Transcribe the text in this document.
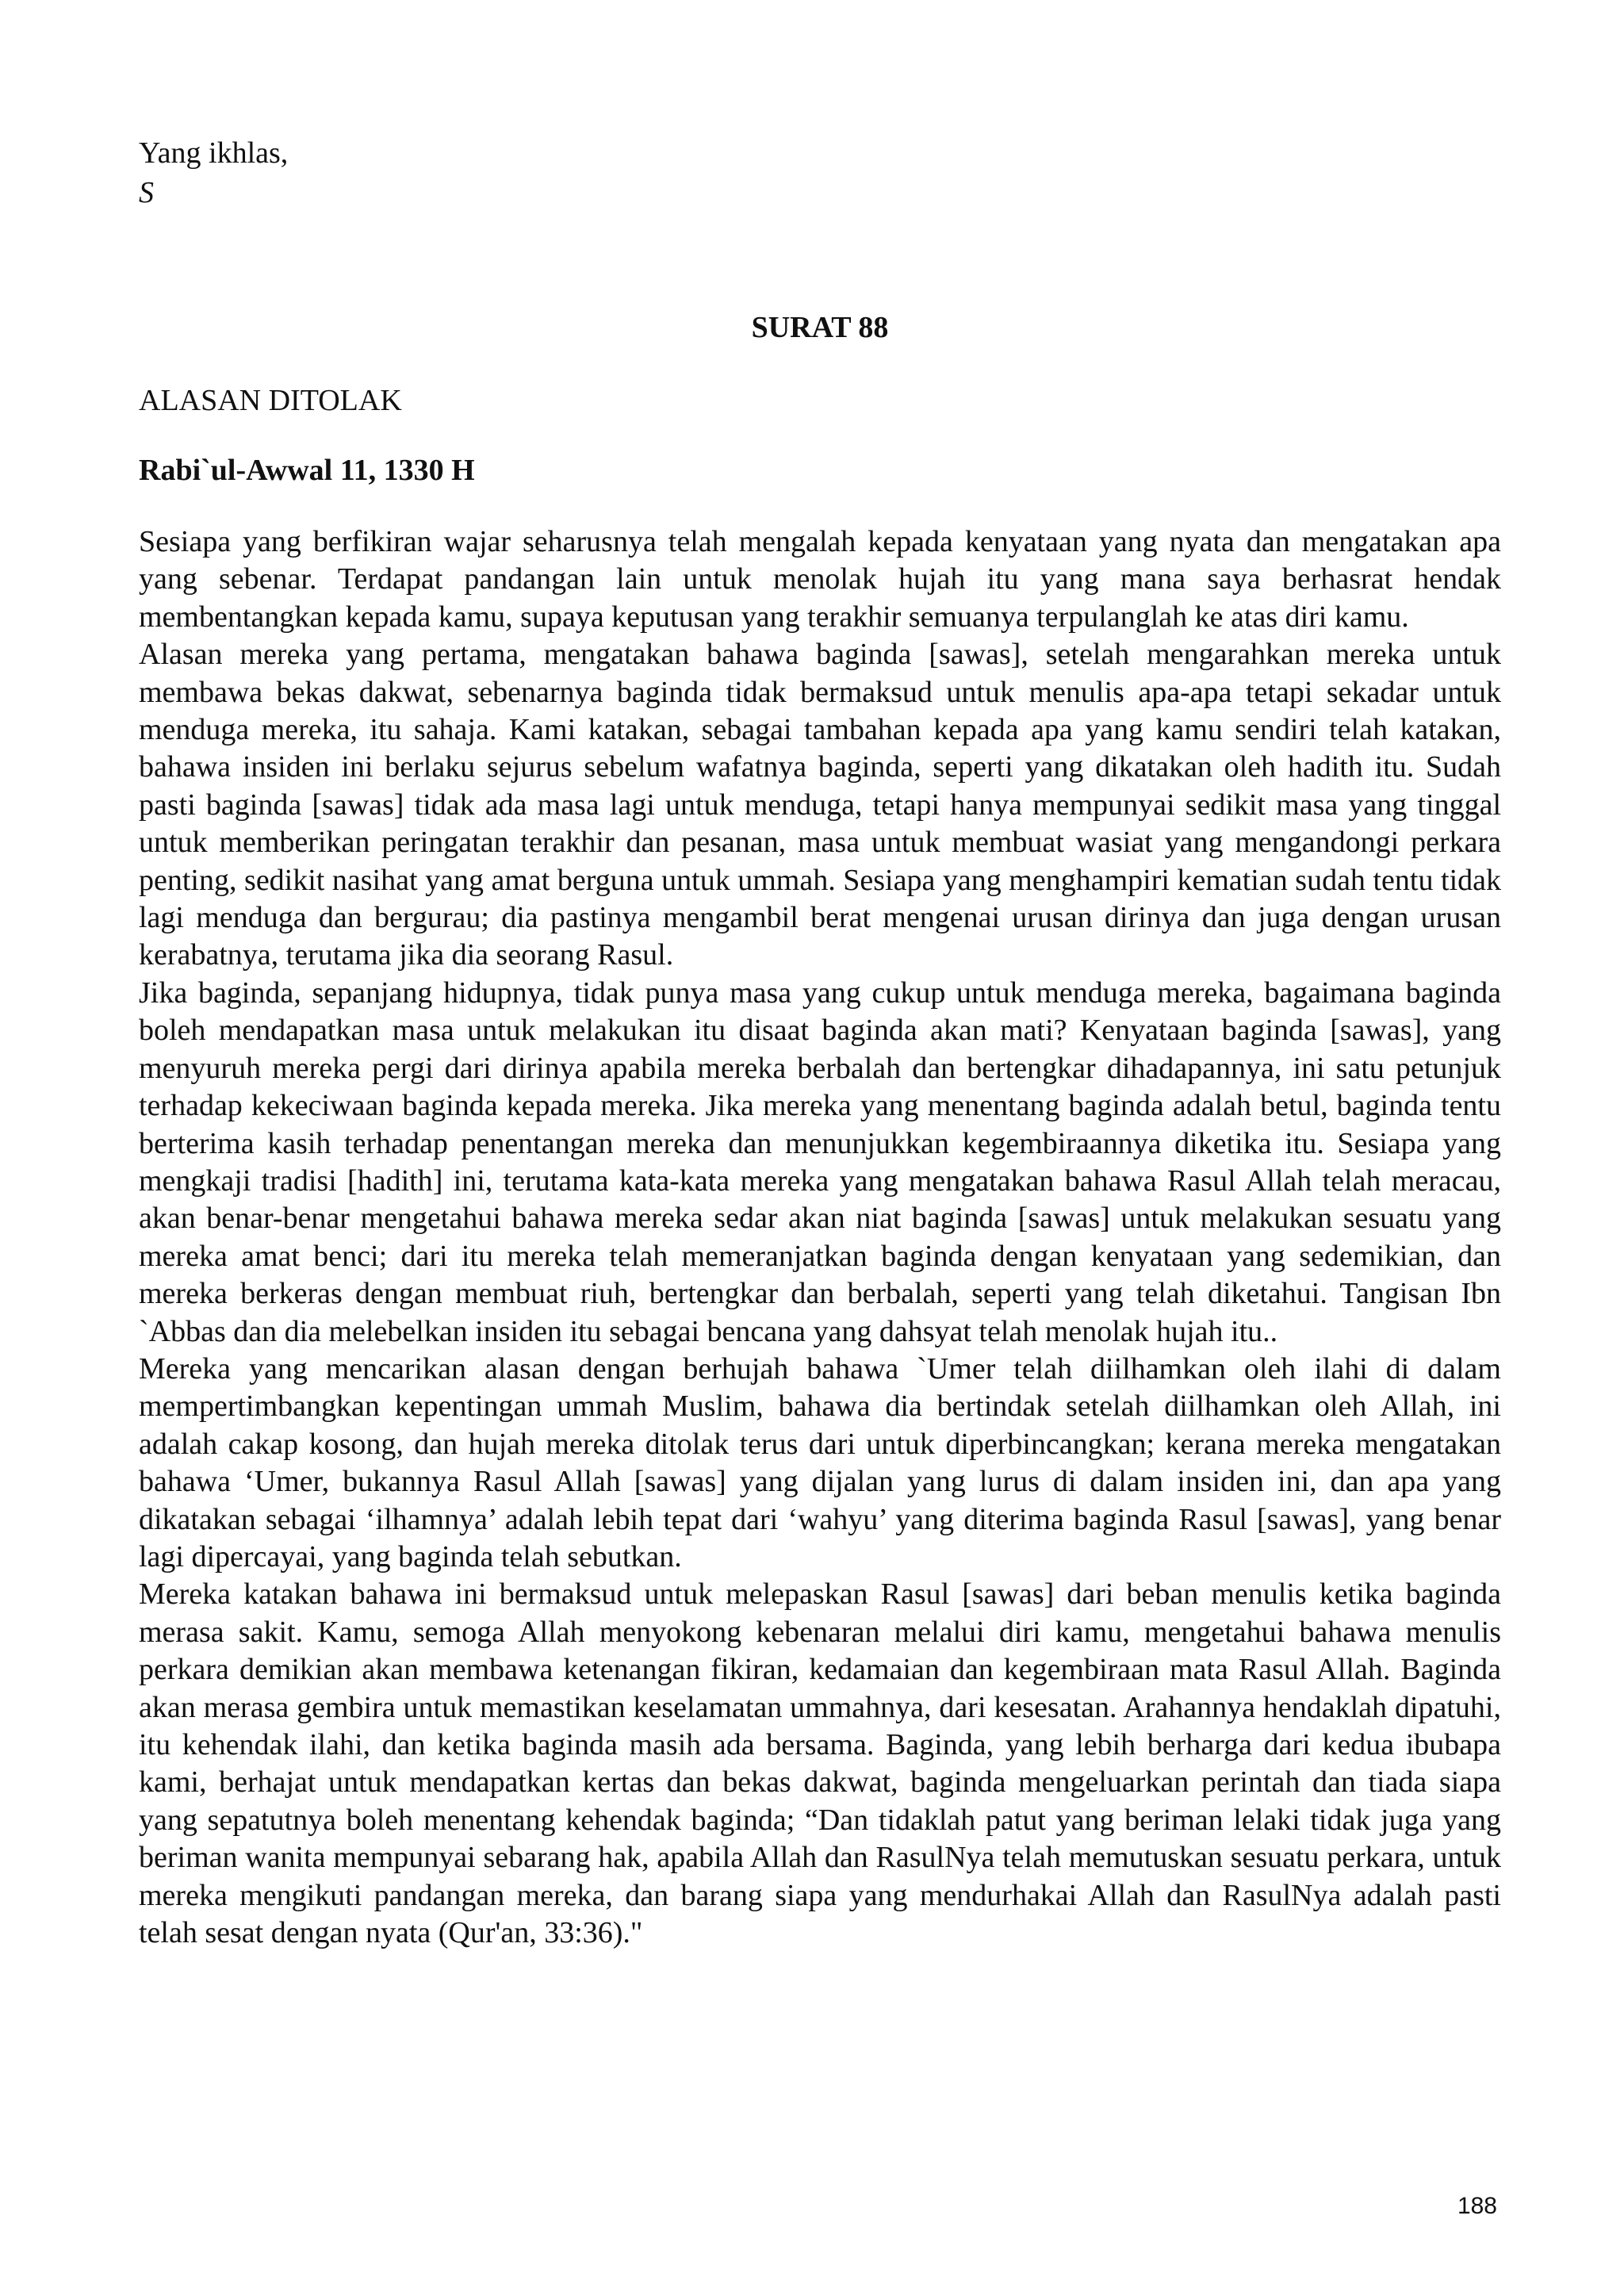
Yang ikhlas,
S
SURAT 88
ALASAN DITOLAK
Rabi`ul-Awwal 11, 1330 H

Sesiapa yang berfikiran wajar seharusnya telah mengalah kepada kenyataan yang nyata dan mengatakan apa yang sebenar. Terdapat pandangan lain untuk menolak hujah itu yang mana saya berhasrat hendak membentangkan kepada kamu, supaya keputusan yang terakhir semuanya terpulanglah ke atas diri kamu.

Alasan mereka yang pertama, mengatakan bahawa baginda [sawas], setelah mengarahkan mereka untuk membawa bekas dakwat, sebenarnya baginda tidak bermaksud untuk menulis apa-apa tetapi sekadar untuk menduga mereka, itu sahaja. Kami katakan, sebagai tambahan kepada apa yang kamu sendiri telah katakan, bahawa insiden ini berlaku sejurus sebelum wafatnya baginda, seperti yang dikatakan oleh hadith itu. Sudah pasti baginda [sawas] tidak ada masa lagi untuk menduga, tetapi hanya mempunyai sedikit masa yang tinggal untuk memberikan peringatan terakhir dan pesanan, masa untuk membuat wasiat yang mengandongi perkara penting, sedikit nasihat yang amat berguna untuk ummah. Sesiapa yang menghampiri kematian sudah tentu tidak lagi menduga dan bergurau; dia pastinya mengambil berat mengenai urusan dirinya dan juga dengan urusan kerabatnya, terutama jika dia seorang Rasul.

Jika baginda, sepanjang hidupnya, tidak punya masa yang cukup untuk menduga mereka, bagaimana baginda boleh mendapatkan masa untuk melakukan itu disaat baginda akan mati? Kenyataan baginda [sawas], yang menyuruh mereka pergi dari dirinya apabila mereka berbalah dan bertengkar dihadapannya, ini satu petunjuk terhadap kekeciwaan baginda kepada mereka. Jika mereka yang menentang baginda adalah betul, baginda tentu berterima kasih terhadap penentangan mereka dan menunjukkan kegembiraannya diketika itu. Sesiapa yang mengkaji tradisi [hadith] ini, terutama kata-kata mereka yang mengatakan bahawa Rasul Allah telah meracau, akan benar-benar mengetahui bahawa mereka sedar akan niat baginda [sawas] untuk melakukan sesuatu yang mereka amat benci; dari itu mereka telah memeranjatkan baginda dengan kenyataan yang sedemikian, dan mereka berkeras dengan membuat riuh, bertengkar dan berbalah, seperti yang telah diketahui. Tangisan Ibn `Abbas dan dia melebelkan insiden itu sebagai bencana yang dahsyat telah menolak hujah itu..

Mereka yang mencarikan alasan dengan berhujah bahawa `Umer telah diilhamkan oleh ilahi di dalam mempertimbangkan kepentingan ummah Muslim, bahawa dia bertindak setelah diilhamkan oleh Allah, ini adalah cakap kosong, dan hujah mereka ditolak terus dari untuk diperbincangkan; kerana mereka mengatakan bahawa ‘Umer, bukannya Rasul Allah [sawas] yang dijalan yang lurus di dalam insiden ini, dan apa yang dikatakan sebagai ‘ilhamnya’ adalah lebih tepat dari ‘wahyu’ yang diterima baginda Rasul [sawas], yang benar lagi dipercayai, yang baginda telah sebutkan.

Mereka katakan bahawa ini bermaksud untuk melepaskan Rasul [sawas] dari beban menulis ketika baginda merasa sakit. Kamu, semoga Allah menyokong kebenaran melalui diri kamu, mengetahui bahawa menulis perkara demikian akan membawa ketenangan fikiran, kedamaian dan kegembiraan mata Rasul Allah. Baginda akan merasa gembira untuk memastikan keselamatan ummahnya, dari kesesatan. Arahannya hendaklah dipatuhi, itu kehendak ilahi, dan ketika baginda masih ada bersama. Baginda, yang lebih berharga dari kedua ibubapa kami, berhajat untuk mendapatkan kertas dan bekas dakwat, baginda mengeluarkan perintah dan tiada siapa yang sepatutnya boleh menentang kehendak baginda; “Dan tidaklah patut yang beriman lelaki tidak juga yang beriman wanita mempunyai sebarang hak, apabila Allah dan RasulNya telah memutuskan sesuatu perkara, untuk mereka mengikuti pandangan mereka, dan barang siapa yang mendurhakai Allah dan RasulNya adalah pasti telah sesat dengan nyata (Qur'an, 33:36)."

188
